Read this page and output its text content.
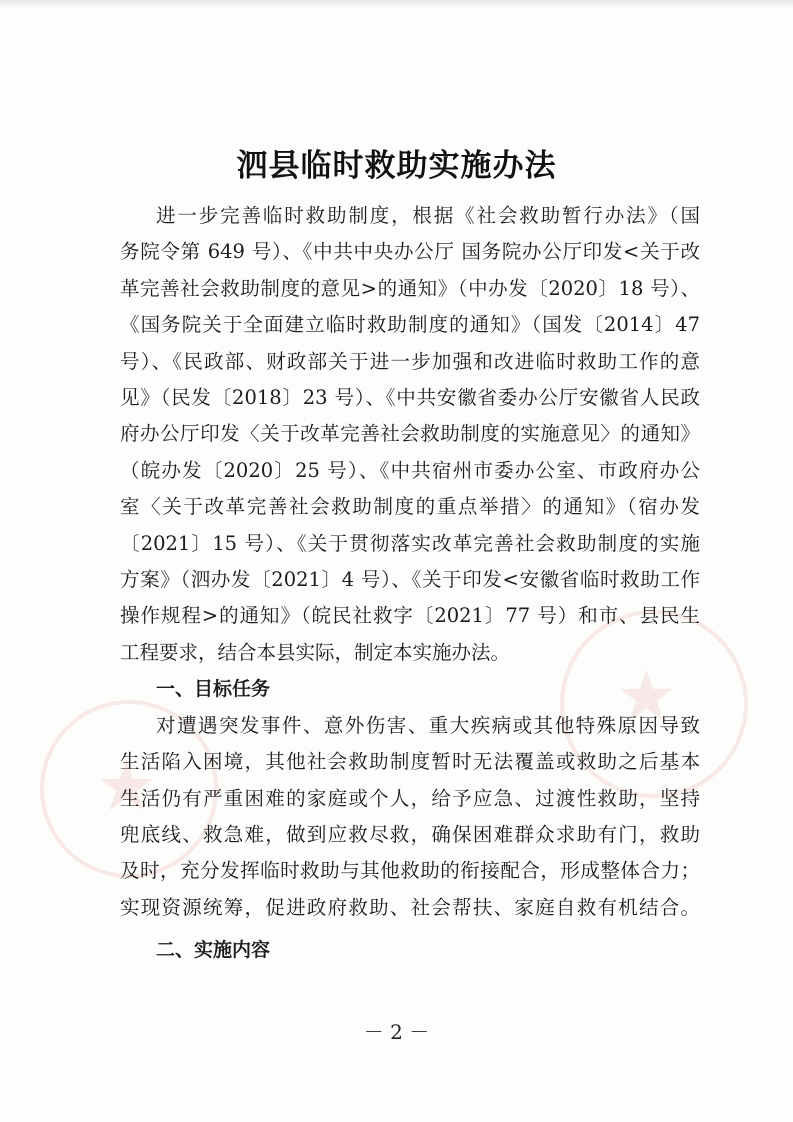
★
★
泗县临时救助实施办法
进一步完善临时救助制度，根据《社会救助暂行办法》（国
务院令第 649 号）、《中共中央办公厅 国务院办公厅印发<关于改
革完善社会救助制度的意见>的通知》（中办发〔2020〕18 号）、
《国务院关于全面建立临时救助制度的通知》（国发〔2014〕47
号）、《民政部、财政部关于进一步加强和改进临时救助工作的意
见》（民发〔2018〕23 号）、《中共安徽省委办公厅安徽省人民政
府办公厅印发〈关于改革完善社会救助制度的实施意见〉的通知》
（皖办发〔2020〕25 号）、《中共宿州市委办公室、市政府办公
室〈关于改革完善社会救助制度的重点举措〉的通知》（宿办发
〔2021〕15 号）、《关于贯彻落实改革完善社会救助制度的实施
方案》（泗办发〔2021〕4 号）、《关于印发<安徽省临时救助工作
操作规程>的通知》（皖民社救字〔2021〕77 号）和市、县民生
工程要求，结合本县实际，制定本实施办法。
一、目标任务
对遭遇突发事件、意外伤害、重大疾病或其他特殊原因导致
生活陷入困境，其他社会救助制度暂时无法覆盖或救助之后基本
生活仍有严重困难的家庭或个人，给予应急、过渡性救助，坚持
兜底线、救急难，做到应救尽救，确保困难群众求助有门，救助
及时，充分发挥临时救助与其他救助的衔接配合，形成整体合力；
实现资源统筹，促进政府救助、社会帮扶、家庭自救有机结合。
二、实施内容
－ 2 －
